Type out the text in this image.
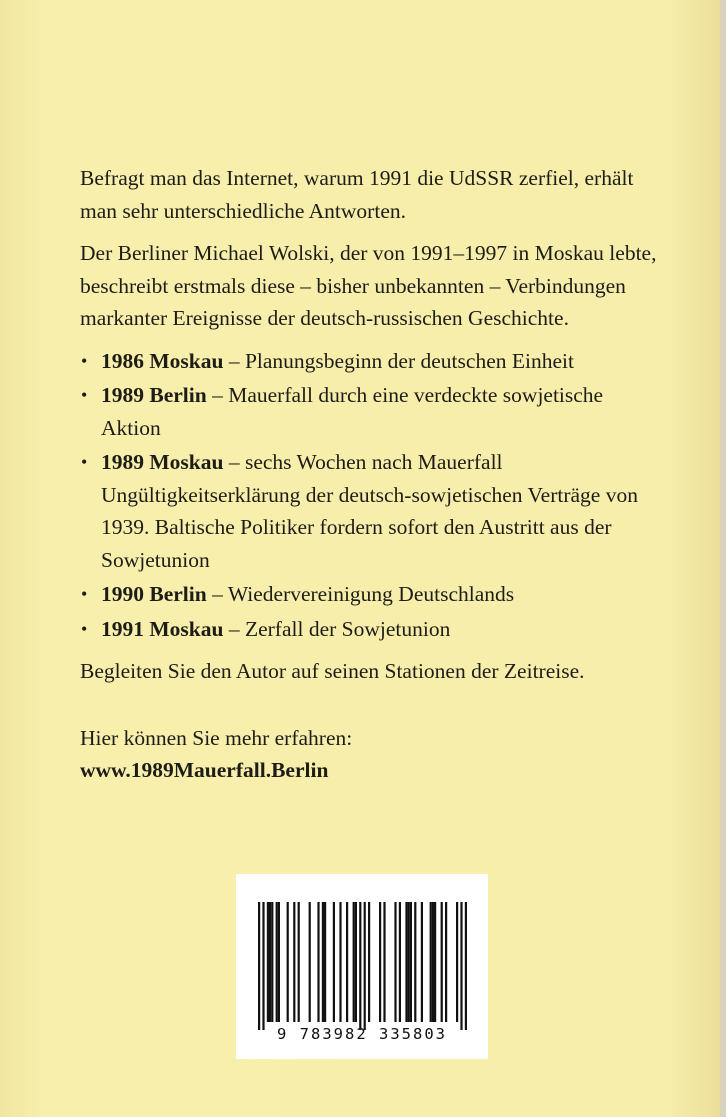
Befragt man das Internet, warum 1991 die UdSSR zerfiel, erhält man sehr unterschiedliche Antworten.

Der Berliner Michael Wolski, der von 1991–1997 in Moskau lebte, beschreibt erstmals diese – bisher unbekannten – Verbindungen markanter Ereignisse der deutsch-russischen Geschichte.

• 1986 Moskau – Planungsbeginn der deutschen Einheit
• 1989 Berlin – Mauerfall durch eine verdeckte sowjetische Aktion
• 1989 Moskau – sechs Wochen nach Mauerfall Ungültigkeitserklärung der deutsch-sowjetischen Verträge von 1939. Baltische Politiker fordern sofort den Austritt aus der Sowjetunion
• 1990 Berlin – Wiedervereinigung Deutschlands
• 1991 Moskau – Zerfall der Sowjetunion

Begleiten Sie den Autor auf seinen Stationen der Zeitreise.

Hier können Sie mehr erfahren:

www.1989Mauerfall.Berlin

9 783982 335803
